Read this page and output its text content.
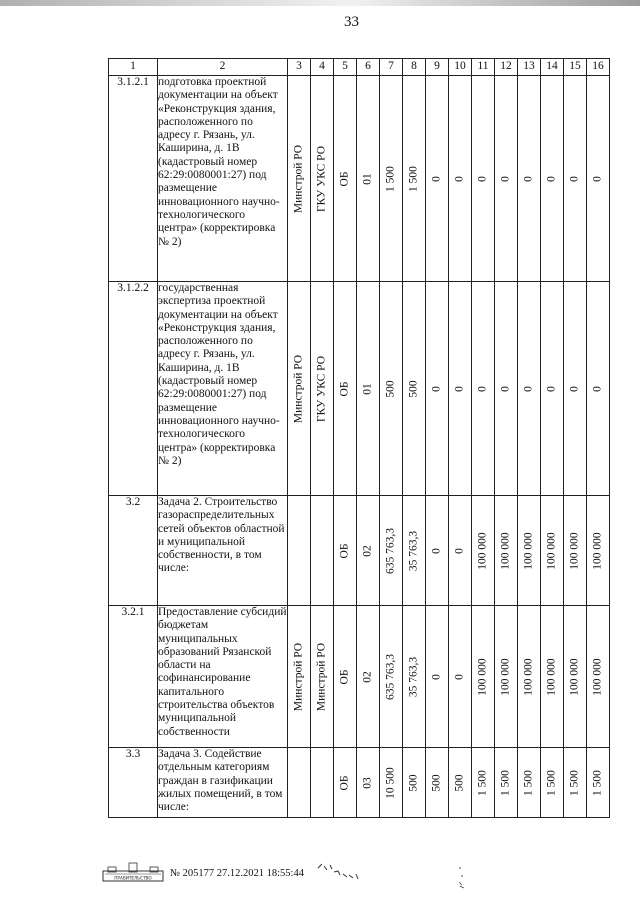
33
1	2	3	4	5	6	7	8	9	10	11	12	13	14	15	16
3.1.2.1	подготовка проектной документации на объект «Реконструкция здания, расположенного по адресу г. Рязань, ул. Каширина, д. 1В (кадастровый номер 62:29:0080001:27) под размещение инновационного научно-технологического центра» (корректировка № 2)	Минстрой РО	ГКУ УКС РО	ОБ	01	1 500	1 500	0	0	0	0	0	0	0	0

3.1.2.2	государственная экспертиза проектной документации на объект «Реконструкция здания, расположенного по адресу г. Рязань, ул. Каширина, д. 1В (кадастровый номер 62:29:0080001:27) под размещение инновационного научно-технологического центра» (корректировка № 2)	Минстрой РО	ГКУ УКС РО	ОБ	01	500	500	0	0	0	0	0	0	0	0

3.2	Задача 2. Строительство газораспределительных сетей объектов областной и муниципальной собственности, в том числе:			ОБ	02	635 763,3	35 763,3	0	0	100 000	100 000	100 000	100 000	100 000	100 000

3.2.1	Предоставление субсидий бюджетам муниципальных образований Рязанской области на софинансирование капитального строительства объектов муниципальной собственности	Минстрой РО	Минстрой РО	ОБ	02	635 763,3	35 763,3	0	0	100 000	100 000	100 000	100 000	100 000	100 000

3.3	Задача 3. Содействие отдельным категориям граждан в газификации жилых помещений, в том числе:			ОБ	03	10 500	500	500	500	1 500	1 500	1 500	1 500	1 500	1 500
ПРАВИТЕЛЬСТВО № 205177 27.12.2021 18:55:44
